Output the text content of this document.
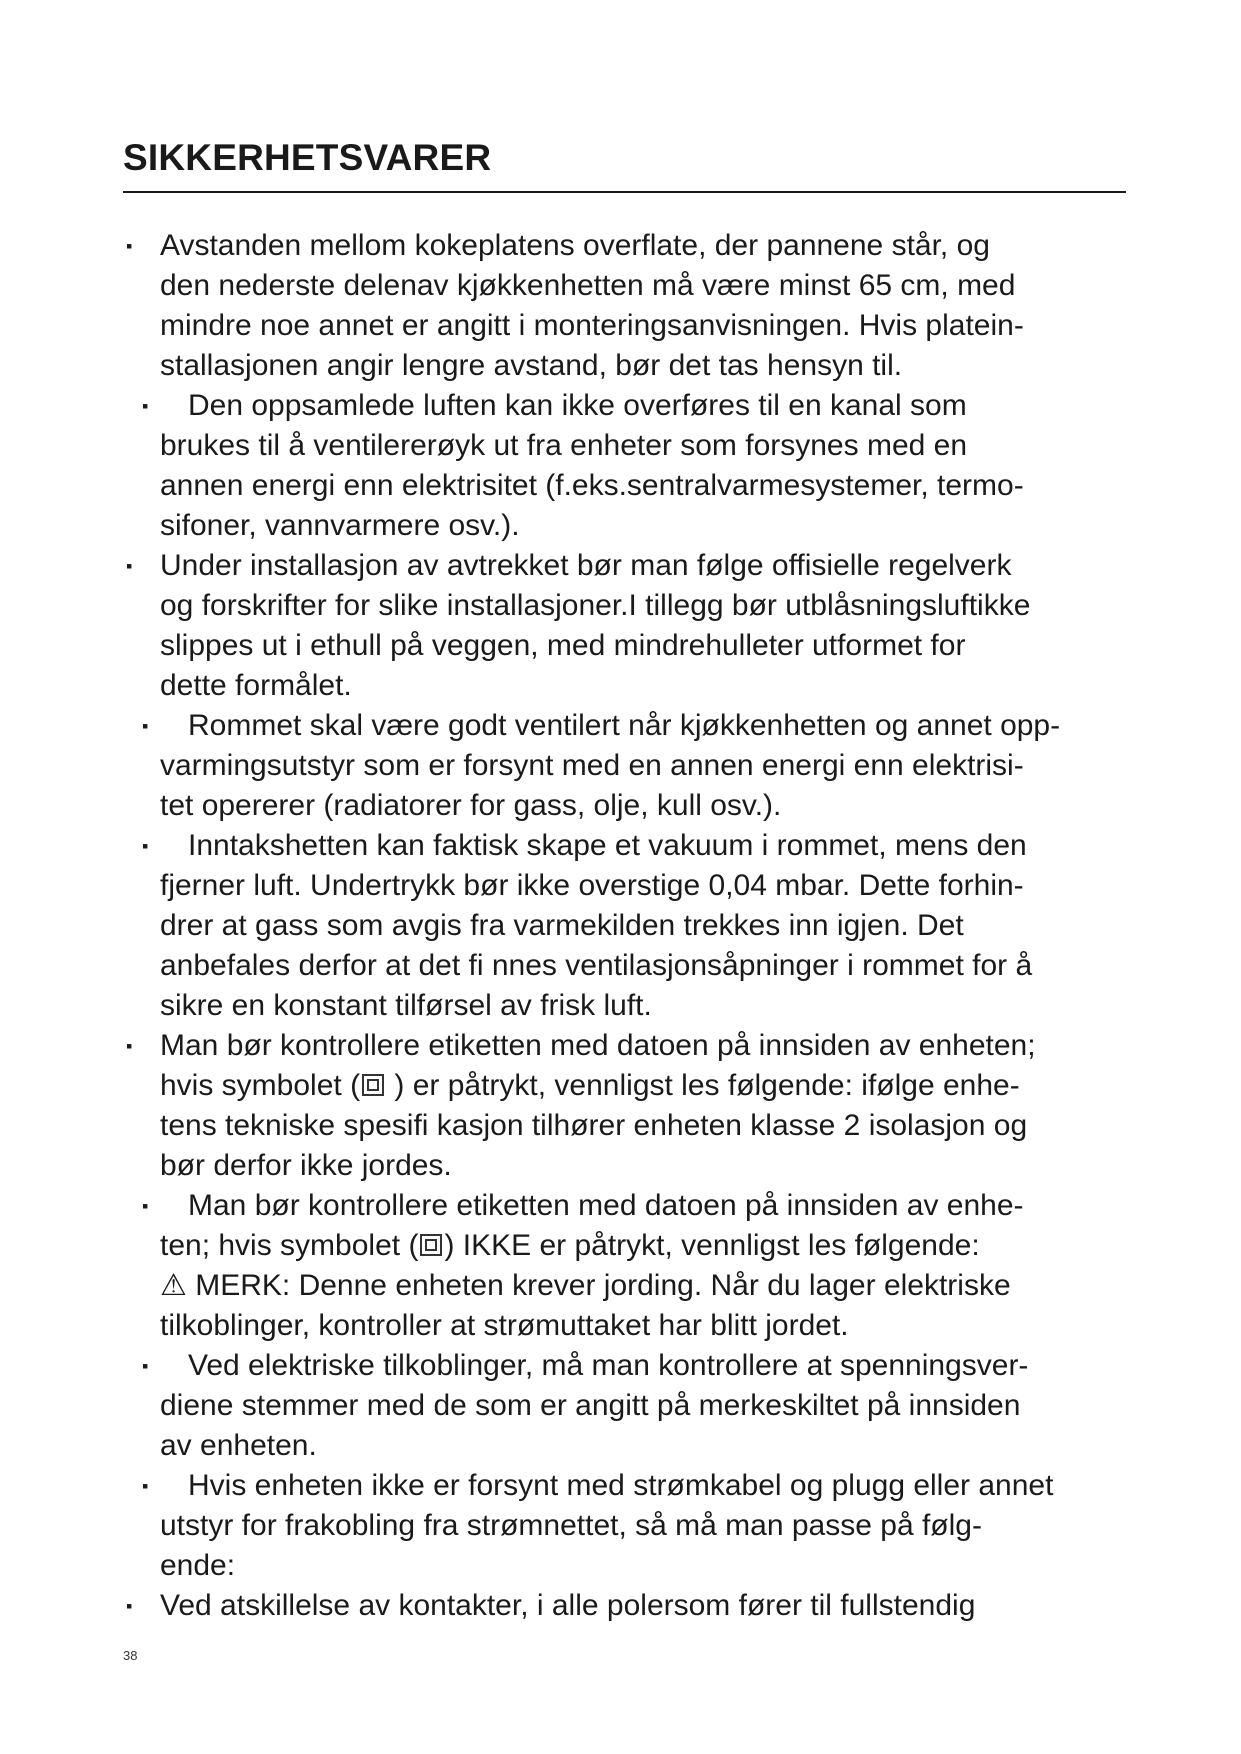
SIKKERHETSVARER
▪ Avstanden mellom kokeplatens overflate, der pannene står, og
den nederste delenav kjøkkenhetten må være minst 65 cm, med
mindre noe annet er angitt i monteringsanvisningen. Hvis platein-
stallasjonen angir lengre avstand, bør det tas hensyn til.
▪	Den oppsamlede luften kan ikke overføres til en kanal som
brukes til å ventilererøyk ut fra enheter som forsynes med en
annen energi enn elektrisitet (f.eks.sentralvarmesystemer, termo-
sifoner, vannvarmere osv.).
▪ Under installasjon av avtrekket bør man følge offisielle regelverk
og forskrifter for slike installasjoner.I tillegg bør utblåsningsluftikke
slippes ut i ethull på veggen, med mindrehulleter utformet for
dette formålet.
▪	Rommet skal være godt ventilert når kjøkkenhetten og annet opp-
varmingsutstyr som er forsynt med en annen energi enn elektrisi-
tet opererer (radiatorer for gass, olje, kull osv.).
▪	Inntakshetten kan faktisk skape et vakuum i rommet, mens den
fjerner luft. Undertrykk bør ikke overstige 0,04 mbar. Dette forhin-
drer at gass som avgis fra varmekilden trekkes inn igjen. Det
anbefales derfor at det fi nnes ventilasjonsåpninger i rommet for å
sikre en konstant tilførsel av frisk luft.
▪ Man bør kontrollere etiketten med datoen på innsiden av enheten;
hvis symbolet ( ) er påtrykt, vennligst les følgende: ifølge enhe-
tens tekniske spesifi kasjon tilhører enheten klasse 2 isolasjon og
bør derfor ikke jordes.
▪	Man bør kontrollere etiketten med datoen på innsiden av enhe-
ten; hvis symbolet ( ) IKKE er påtrykt, vennligst les følgende:
⚠ MERK: Denne enheten krever jording. Når du lager elektriske
tilkoblinger, kontroller at strømuttaket har blitt jordet.
▪	Ved elektriske tilkoblinger, må man kontrollere at spenningsver-
diene stemmer med de som er angitt på merkeskiltet på innsiden
av enheten.
▪	Hvis enheten ikke er forsynt med strømkabel og plugg eller annet
utstyr for frakobling fra strømnettet, så må man passe på følg-
ende:
▪ Ved atskillelse av kontakter, i alle polersom fører til fullstendig
38
